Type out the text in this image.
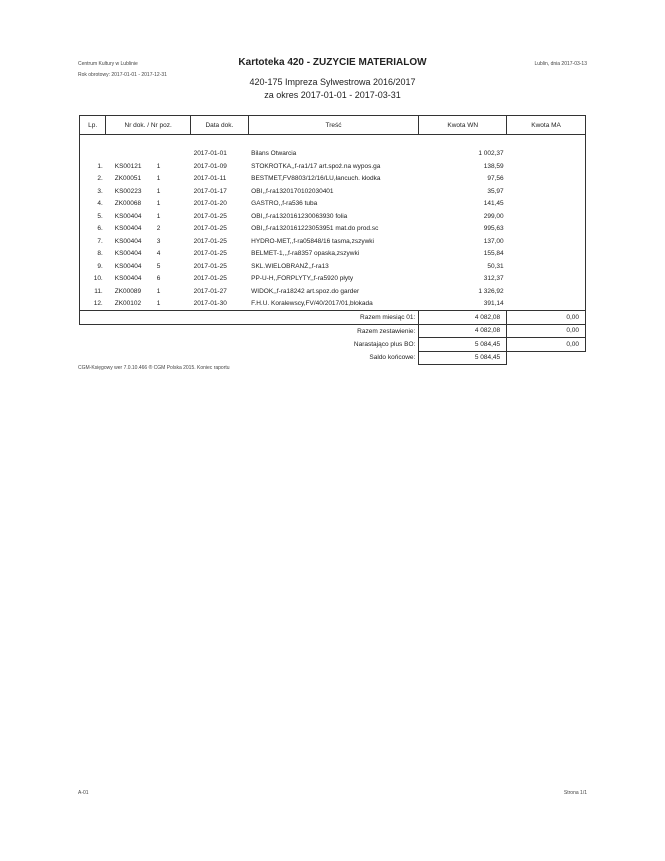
Centrum Kultury w Lublinie
Rok obrotowy: 2017-01-01 - 2017-12-31
Lublin, dnia 2017-03-13
Kartoteka 420 - ZUZYCIE MATERIALOW
420-175 Impreza Sylwestrowa 2016/2017
za okres 2017-01-01 - 2017-03-31
Lp.	Nr dok. / Nr poz.	Data dok.	Treść	Kwota WN	Kwota MA

		2017-01-01	Bilans Otwarcia	1 002,37	
1.	KS00121 1	2017-01-09	STOKROTKA,,f-ra1/17 art.spoż.na wypos.ga	138,59	
2.	ZK00051 1	2017-01-11	BESTMET,FV8803/12/16/LU,łancuch. kłodka	97,56	
3.	KS00223 1	2017-01-17	OBI,,f-ra1320170102030401	35,97	
4.	ZK00068 1	2017-01-20	GASTRO,,f-ra536 tuba	141,45	
5.	KS00404 1	2017-01-25	OBI,,f-ra1320161230063930 folia	299,00	
6.	KS00404 2	2017-01-25	OBI,,f-ra1320161223053951 mat.do prod.sc	995,63	
7.	KS00404 3	2017-01-25	HYDRO-MET,,f-ra05848/16 tasma,zszywki	137,00	
8.	KS00404 4	2017-01-25	BELMET-1,,,f-ra8357 opaska,zszywki	155,84	
9.	KS00404 5	2017-01-25	SKL.WIELOBRANŻ,,f-ra13	50,31	
10.	KS00404 6	2017-01-25	PP-U-H,,FORPLYTY,,f-ra5920 płyty	312,37	
11.	ZK00089 1	2017-01-27	WIDOK,,f-ra18242 art.spoz.do garder	1 326,92	
12.	ZK00102 1	2017-01-30	F.H.U. Koralewscy,FV/40/2017/01,blokada	391,14	
Razem miesiąc 01:				4 082,08	0,00
Razem zestawienie:				4 082,08	0,00
Narastająco plus BO:				5 084,45	0,00
Saldo końcowe:				5 084,45	
CGM-Księgowy wer 7.0.10.466 ® CGM Polska 2015. Koniec raportu
A-01	Strona 1/1
